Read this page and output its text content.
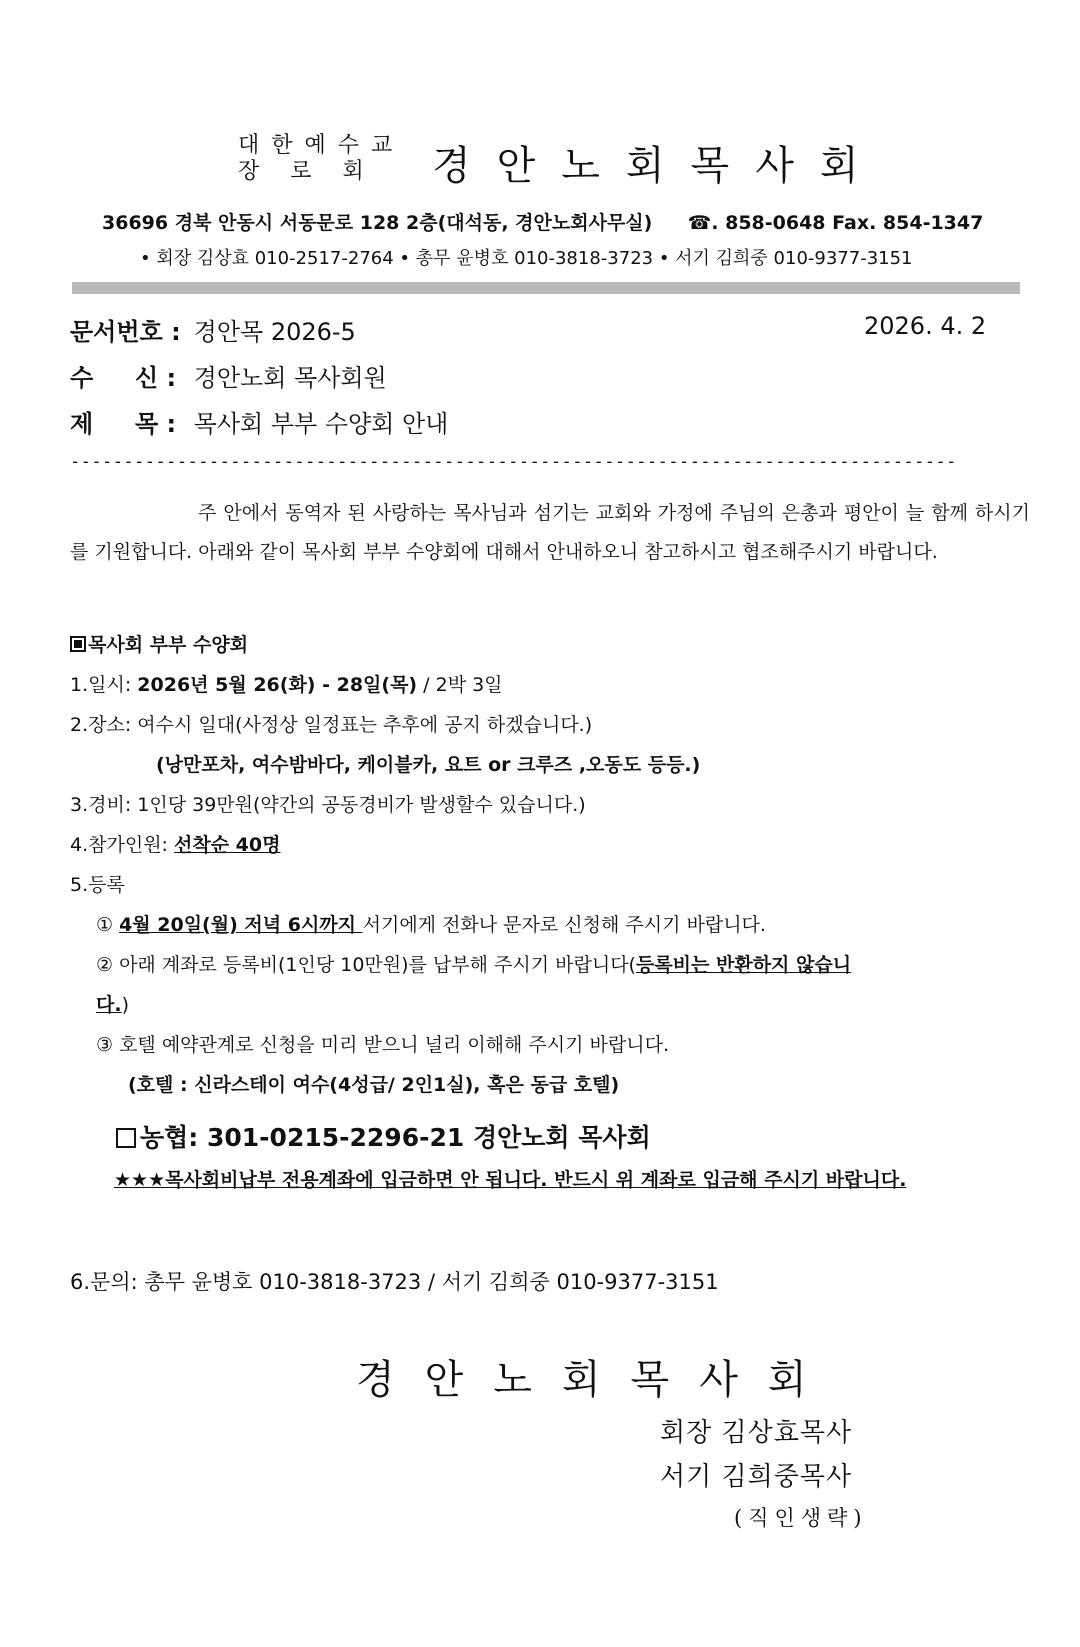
대한예수교
장 로 회 경안노회목사회
36696 경북 안동시 서동문로 128 2층(대석동, 경안노회사무실) ☎. 858-0648 Fax. 854-1347
• 회장 김상효 010-2517-2764 • 총무 윤병호 010-3818-3723 • 서기 김희중 010-9377-3151
문서번호 : 경안목 2026-5	2026. 4. 2
수     신 : 경안노회 목사회원
제     목 : 목사회 부부 수양회 안내
-----------------------------------------------------------------------------------
주 안에서 동역자 된 사랑하는 목사님과 섬기는 교회와 가정에 주님의 은총과 평안이 늘 함께 하시기를 기원합니다. 아래와 같이 목사회 부부 수양회에 대해서 안내하오니 참고하시고 협조해주시기 바랍니다.
목사회 부부 수양회
1.일시: 2026년 5월 26(화) - 28일(목) / 2박 3일
2.장소: 여수시 일대(사정상 일정표는 추후에 공지 하겠습니다.)
(낭만포차, 여수밤바다, 케이블카, 요트 or 크루즈 ,오동도 등등.)
3.경비: 1인당 39만원(약간의 공동경비가 발생할수 있습니다.)
4.참가인원: 선착순 40명
5.등록
① 4월 20일(월) 저녁 6시까지 서기에게 전화나 문자로 신청해 주시기 바랍니다.
② 아래 계좌로 등록비(1인당 10만원)를 납부해 주시기 바랍니다(등록비는 반환하지 않습니
다.)
③ 호텔 예약관계로 신청을 미리 받으니 널리 이해해 주시기 바랍니다.
(호텔 : 신라스테이 여수(4성급/ 2인1실), 혹은 동급 호텔)
농협: 301-0215-2296-21 경안노회 목사회
★★★목사회비납부 전용계좌에 입금하면 안 됩니다. 반드시 위 계좌로 입금해 주시기 바랍니다.
6.문의: 총무 윤병호 010-3818-3723 / 서기 김희중 010-9377-3151
경안노회목사회
회장 김상효목사
서기 김희중목사
(직인생략)
